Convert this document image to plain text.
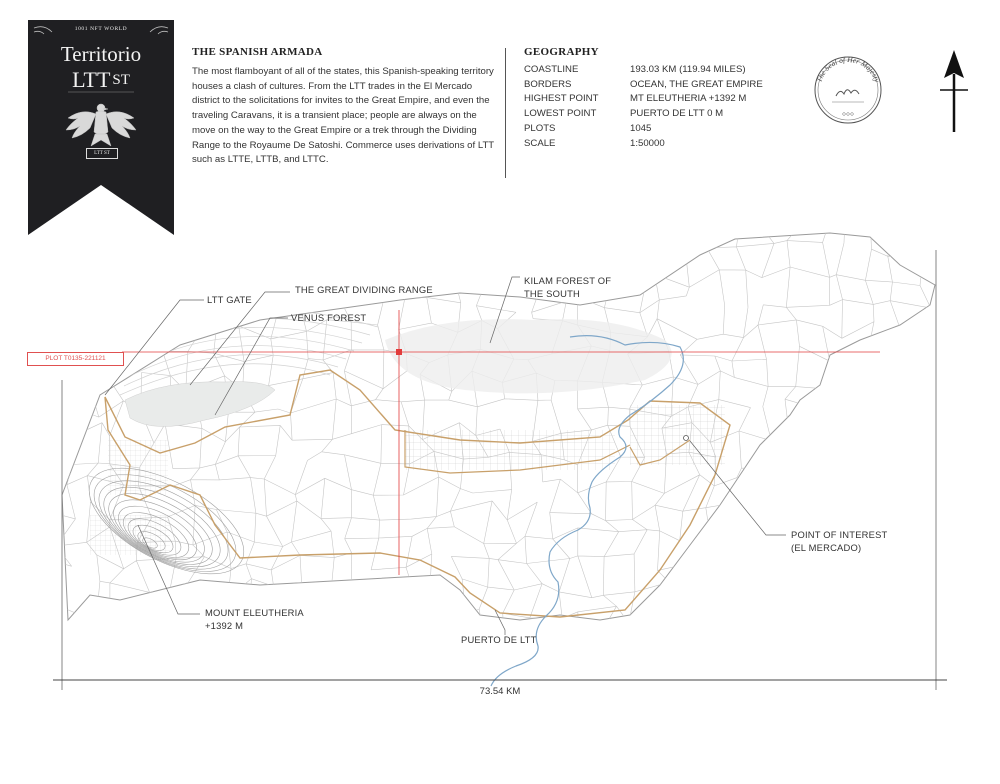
1001 NFT WORLD
Territorio
LTT $^{ST}$
LTT ST
THE SPANISH ARMADA
The most flamboyant of all of the states, this Spanish-speaking territory houses a clash of cultures. From the LTT trades in the El Mercado district to the solicitations for invites to the Great Empire, and even the traveling Caravans, it is a transient place; people are always on the move on the way to the Great Empire or a trek through the Dividing Range to the Royaume De Satoshi. Commerce uses derivations of LTT such as LTTE, LTTB, and LTTC.
GEOGRAPHY
COASTLINE	193.03 KM (119.94 MILES)
BORDERS	OCEAN, THE GREAT EMPIRE
HIGHEST POINT	MT ELEUTHERIA +1392 M
LOWEST POINT	PUERTO DE LTT 0 M
PLOTS	1045
SCALE	1:50000
The Seal of Her Majesty
LTT GATE
THE GREAT DIVIDING RANGE
VENUS FOREST
KILAM FOREST OF
THE SOUTH
POINT OF INTEREST
(EL MERCADO)
MOUNT ELEUTHERIA
+1392 M
PUERTO DE LTT
PLOT T0135-221121
73.54 KM
